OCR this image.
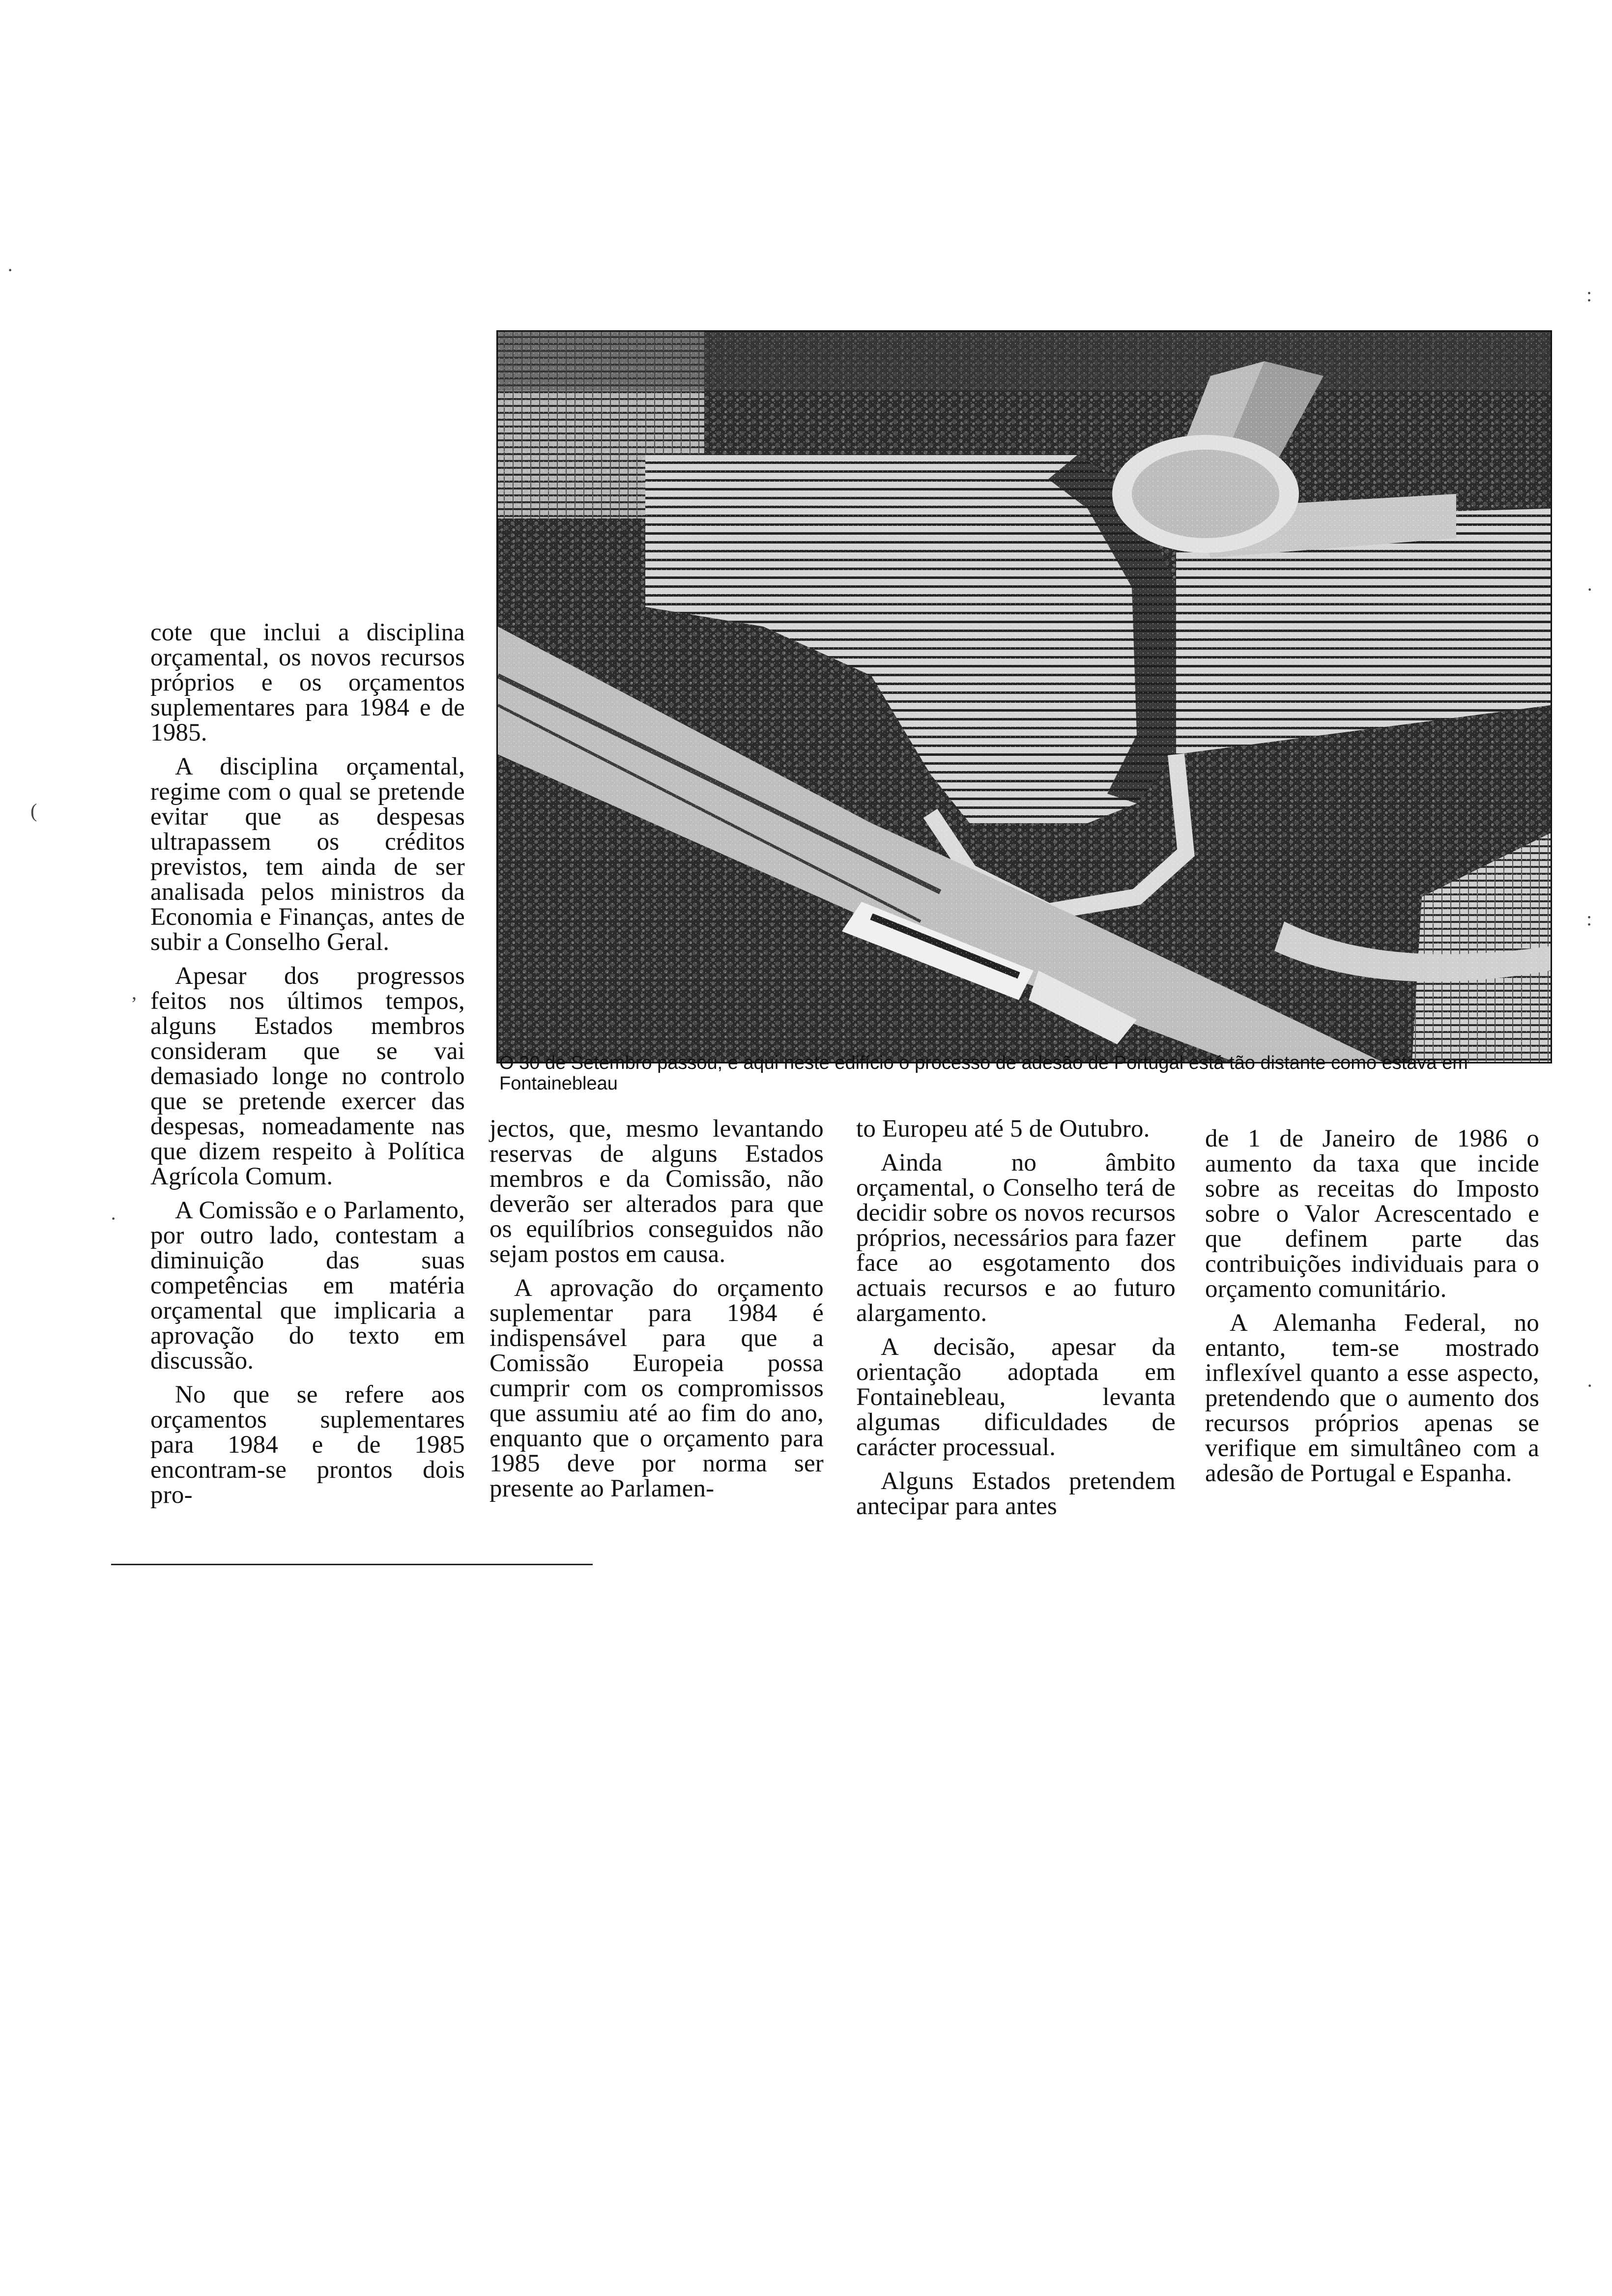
cote que inclui a disciplina orçamental, os novos recursos próprios e os orçamentos suplementares para 1984 e de 1985.

A disciplina orçamental, regime com o qual se pretende evitar que as despesas ultrapassem os créditos previstos, tem ainda de ser analisada pelos ministros da Economia e Finanças, antes de subir a Conselho Geral.

Apesar dos progressos feitos nos últimos tempos, alguns Estados membros consideram que se vai demasiado longe no controlo que se pretende exercer das despesas, nomeadamente nas que dizem respeito à Política Agrícola Comum.

A Comissão e o Parlamento, por outro lado, contestam a diminuição das suas competências em matéria orçamental que implicaria a aprovação do texto em discussão.

No que se refere aos orçamentos suplementares para 1984 e de 1985 encontram-se prontos dois pro-

O 30 de Setembro passou, e aqui neste edifício o processo de adesão de Portugal está tão distante como estava em Fontainebleau

jectos, que, mesmo levantando reservas de alguns Estados membros e da Comissão, não deverão ser alterados para que os equilíbrios conseguidos não sejam postos em causa.

A aprovação do orçamento suplementar para 1984 é indispensável para que a Comissão Europeia possa cumprir com os compromissos que assumiu até ao fim do ano, enquanto que o orçamento para 1985 deve por norma ser presente ao Parlamen-

to Europeu até 5 de Outubro.

Ainda no âmbito orçamental, o Conselho terá de decidir sobre os novos recursos próprios, necessários para fazer face ao esgotamento dos actuais recursos e ao futuro alargamento.

A decisão, apesar da orientação adoptada em Fontainebleau, levanta algumas dificuldades de carácter processual.

Alguns Estados pretendem antecipar para antes

de 1 de Janeiro de 1986 o aumento da taxa que incide sobre as receitas do Imposto sobre o Valor Acrescentado e que definem parte das contribuições individuais para o orçamento comunitário.

A Alemanha Federal, no entanto, tem-se mostrado inflexível quanto a esse aspecto, pretendendo que o aumento dos recursos próprios apenas se verifique em simultâneo com a adesão de Portugal e Espanha.

·
(
,
·
:
·
:
·
